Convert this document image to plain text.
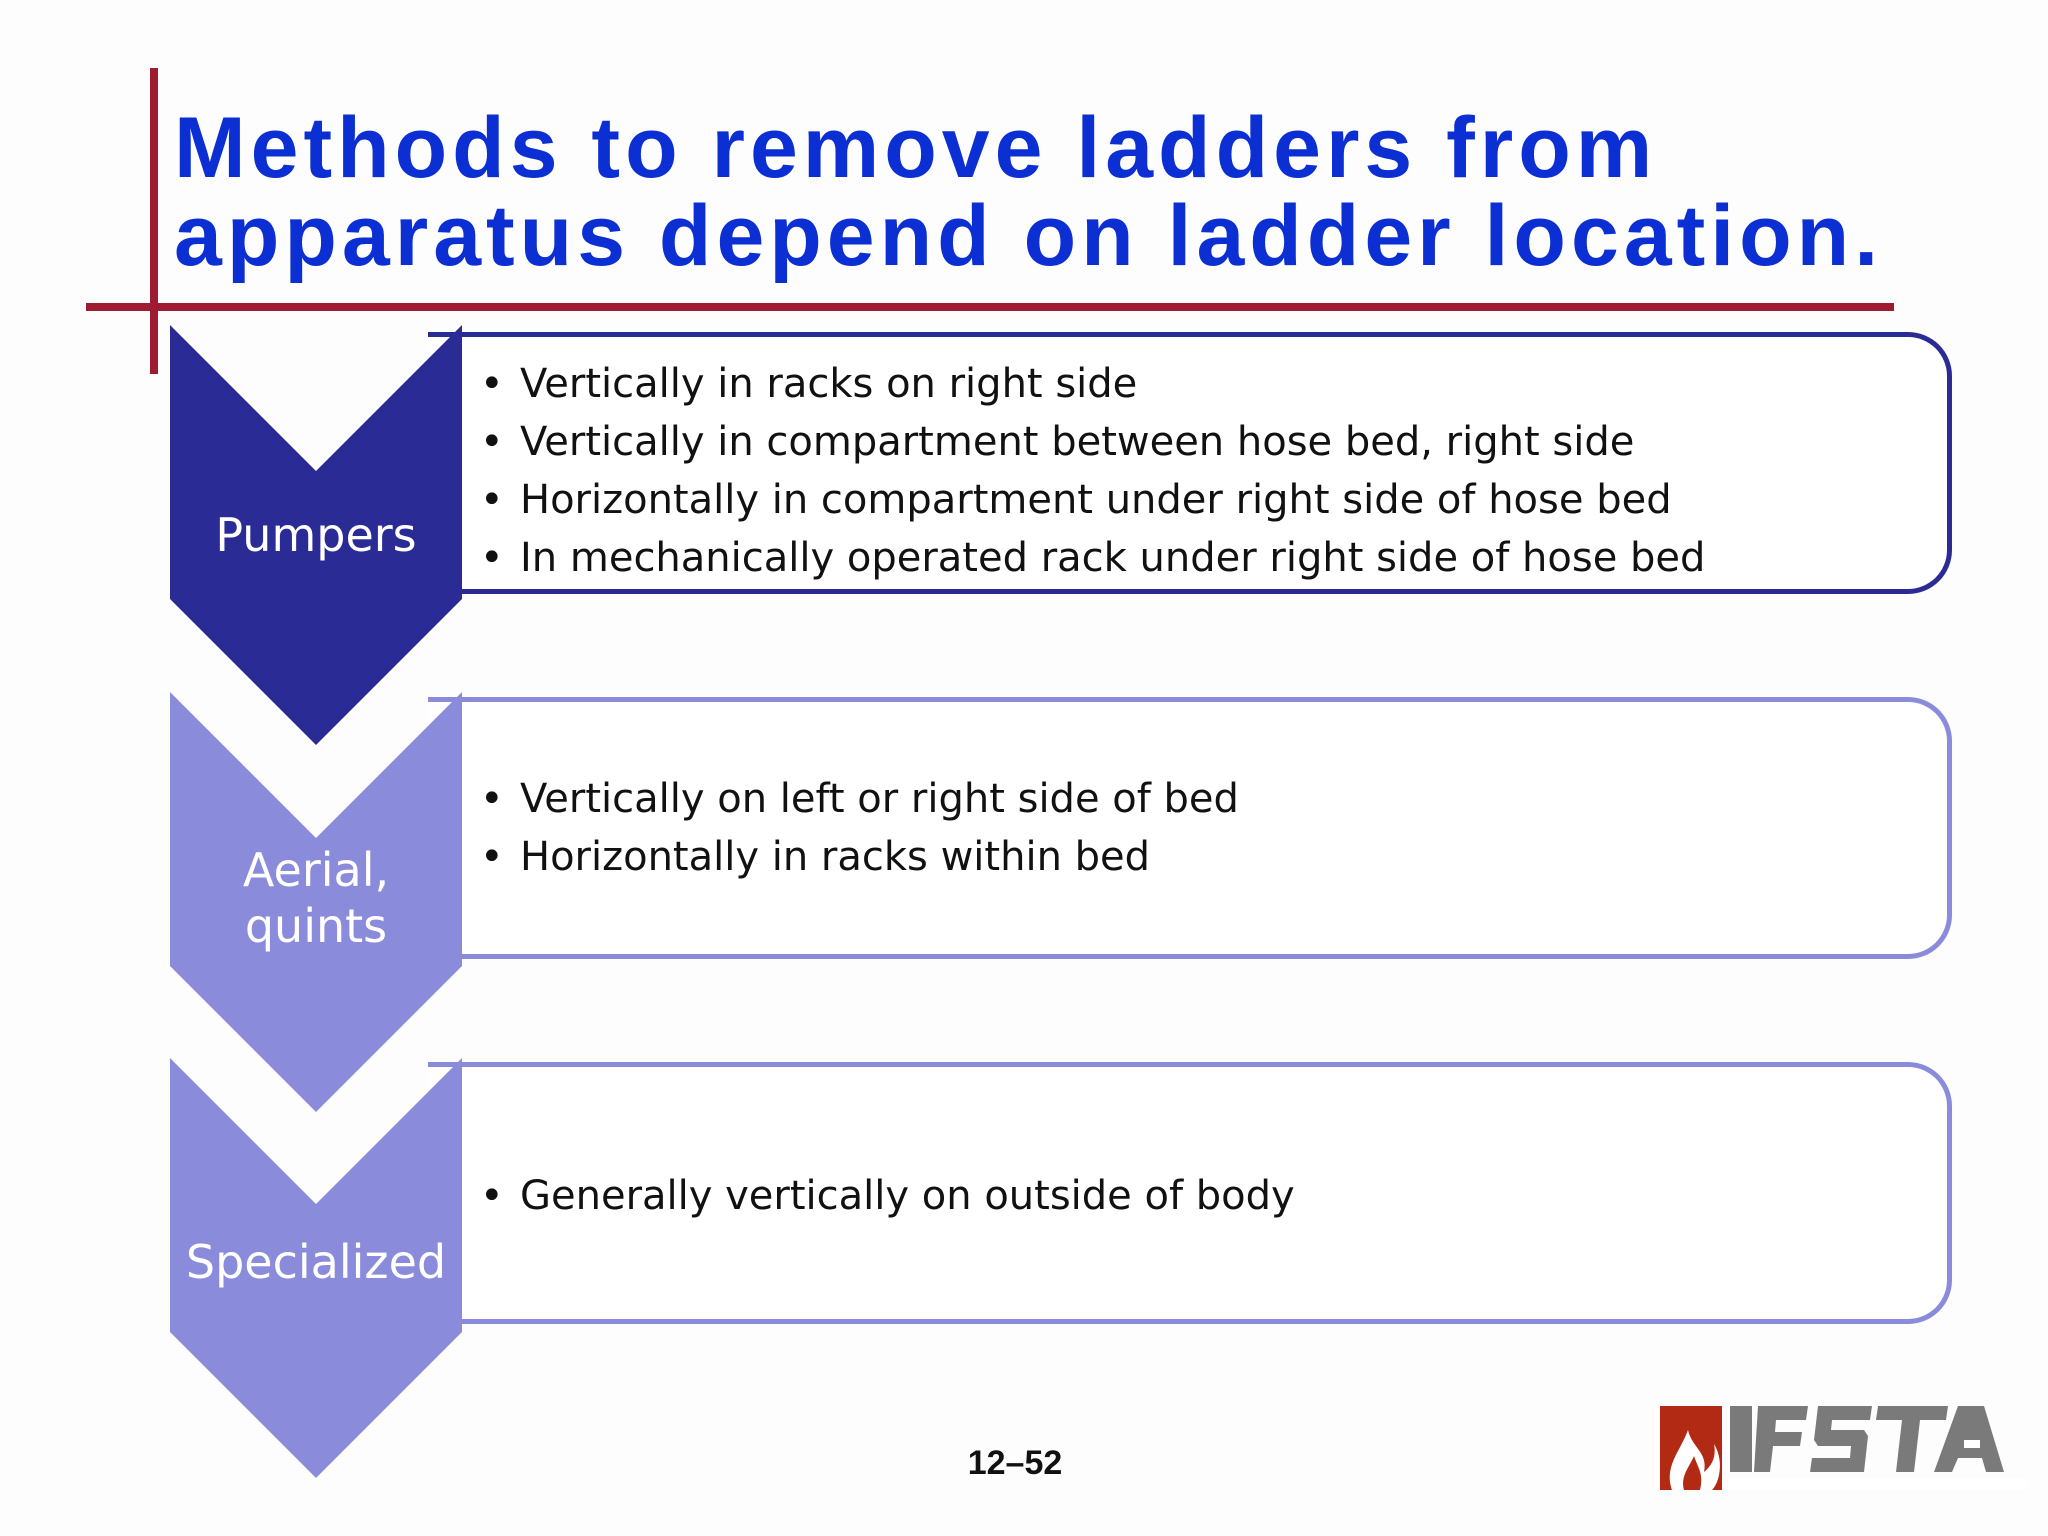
• Vertically in racks on right side
• Vertically in compartment between hose bed, right side
• Horizontally in compartment under right side of hose bed
• In mechanically operated rack under right side of hose bed
• Vertically on left or right side of bed
• Horizontally in racks within bed
• Generally vertically on outside of body
Pumpers
Aerial, quints
Specialized
Methods to remove ladders from apparatus depend on ladder location.
12–52
